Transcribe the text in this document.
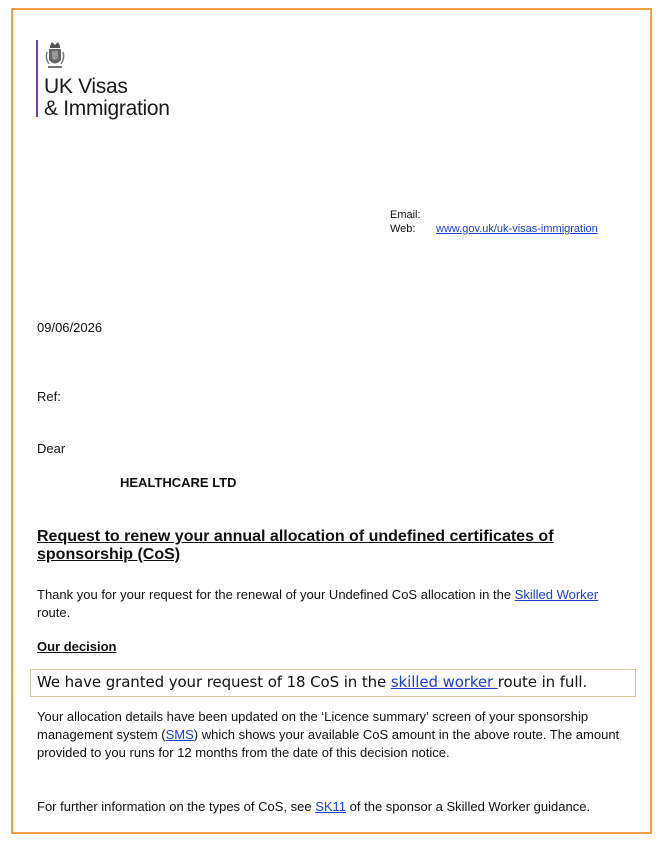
UK Visas
& Immigration
Email:
Web:	www.gov.uk/uk-visas-immigration
09/06/2026
Ref:
Dear
HEALTHCARE LTD
Request to renew your annual allocation of undefined certificates of sponsorship (CoS)
Thank you for your request for the renewal of your Undefined CoS allocation in the Skilled Worker route.
Our decision
We have granted your request of 18 CoS in the skilled worker route in full.
Your allocation details have been updated on the ‘Licence summary’ screen of your sponsorship management system (SMS) which shows your available CoS amount in the above route. The amount provided to you runs for 12 months from the date of this decision notice.
For further information on the types of CoS, see SK11 of the sponsor a Skilled Worker guidance.
